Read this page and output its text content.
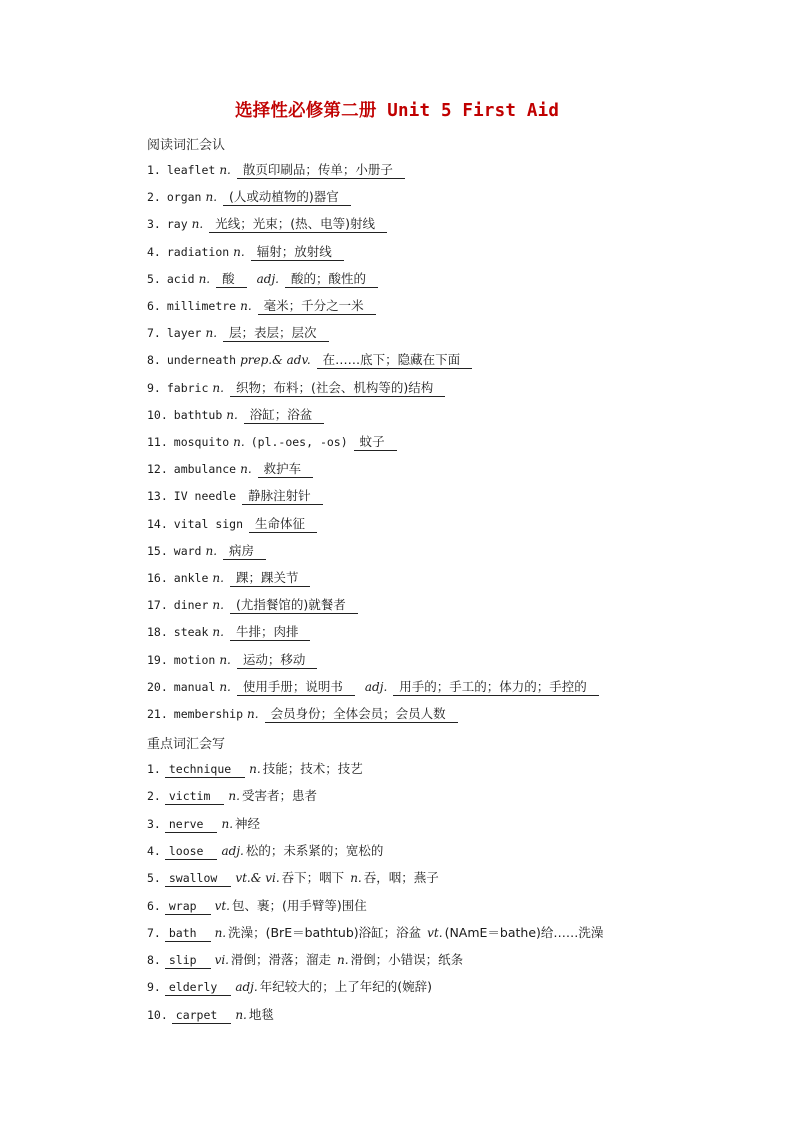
选择性必修第二册 Unit 5 First Aid
阅读词汇会认
1. leaflet n. 散页印刷品；传单；小册子
2. organ n. (人或动植物的)器官
3. ray n. 光线；光束；(热、电等)射线
4. radiation n. 辐射；放射线
5. acid n. 酸 adj. 酸的；酸性的
6. millimetre n. 毫米；千分之一米
7. layer n. 层；表层；层次
8. underneath prep.& adv. 在……底下；隐藏在下面
9. fabric n. 织物；布料；(社会、机构等的)结构
10. bathtub n. 浴缸；浴盆
11. mosquito n. (pl.-oes, -os) 蚊子
12. ambulance n. 救护车
13. IV needle 静脉注射针
14. vital sign 生命体征
15. ward n. 病房
16. ankle n. 踝；踝关节
17. diner n. (尤指餐馆的)就餐者
18. steak n. 牛排；肉排
19. motion n. 运动；移动
20. manual n. 使用手册；说明书 adj. 用手的；手工的；体力的；手控的
21. membership n. 会员身份；全体会员；会员人数
重点词汇会写
1. technique n. 技能；技术；技艺
2. victim n. 受害者；患者
3. nerve n. 神经
4. loose adj. 松的；未系紧的；宽松的
5. swallow vt.& vi. 吞下；咽下 n. 吞，咽；燕子
6. wrap vt. 包、裹；(用手臂等)围住
7. bath n. 洗澡；(BrE＝bathtub)浴缸；浴盆 vt. (NAmE＝bathe)给……洗澡
8. slip vi. 滑倒；滑落；溜走 n. 滑倒；小错误；纸条
9. elderly adj. 年纪较大的；上了年纪的(婉辞)
10. carpet n. 地毯
